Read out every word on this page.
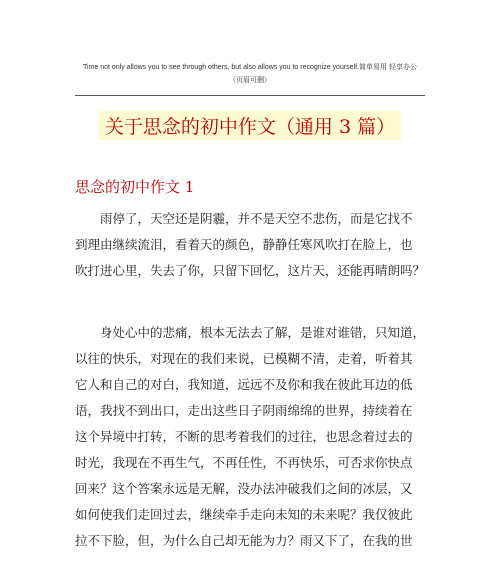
Time not only allows you to see through others, but also allows you to recognize yourself.简单易用 轻享办公
（页眉可删）
关于思念的初中作文（通用 3 篇）
思念的初中作文 1
雨停了，天空还是阴霾，并不是天空不悲伤，而是它找不
到理由继续流泪，看着天的颜色，静静任寒风吹打在脸上，也
吹打进心里，失去了你，只留下回忆，这片天，还能再晴朗吗？
身处心中的悲痛，根本无法去了解，是谁对谁错，只知道，
以往的快乐，对现在的我们来说，已模糊不清，走着，听着其
它人和自己的对白，我知道，远远不及你和我在彼此耳边的低
语，我找不到出口，走出这些日子阴雨绵绵的世界，持续着在
这个异境中打转，不断的思考着我们的过往，也思念着过去的
时光，我现在不再生气，不再任性，不再快乐，可否求你快点
回来？这个答案永远是无解，没办法冲破我们之间的冰层，又
如何使我们走回过去，继续牵手走向未知的未来呢？我仅彼此
拉不下脸，但，为什么自己却无能为力？雨又下了，在我的世
